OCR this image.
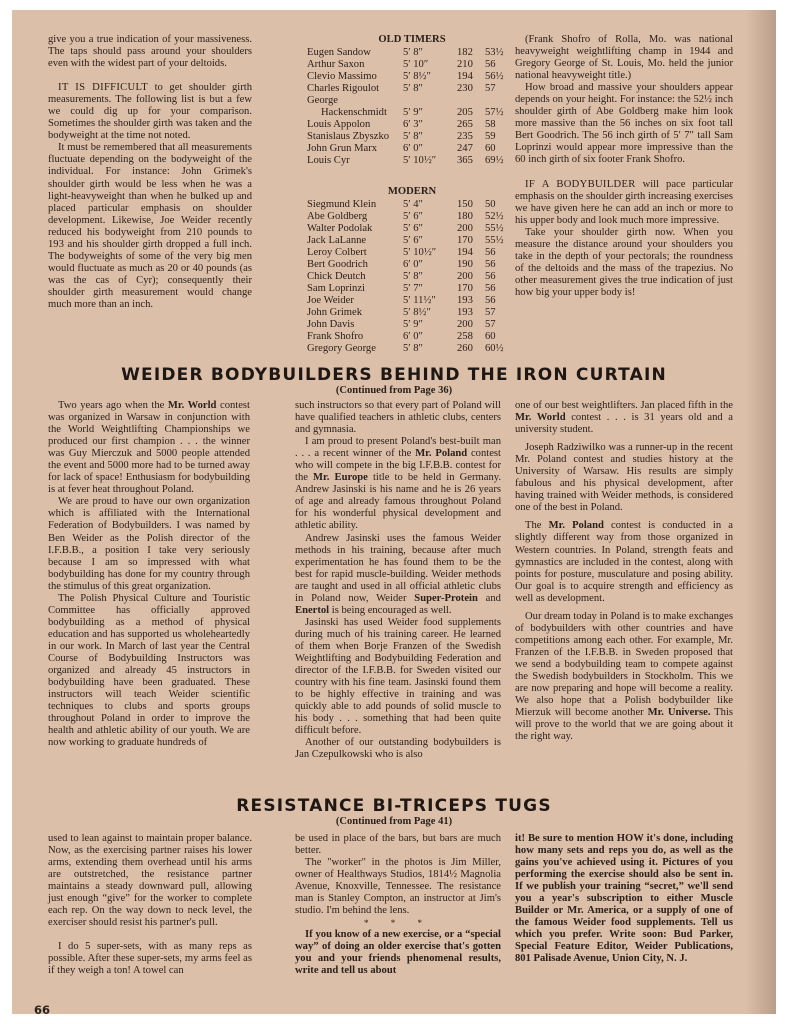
give you a true indication of your massiveness. The taps should pass around your shoulders even with the widest part of your deltoids.

IT IS DIFFICULT to get shoulder girth measurements. The following list is but a few we could dig up for your comparison. Sometimes the shoulder girth was taken and the bodyweight at the time not noted.

It must be remembered that all measurements fluctuate depending on the bodyweight of the individual. For instance: John Grimek's shoulder girth would be less when he was a light-heavyweight than when he bulked up and placed particular emphasis on shoulder development. Likewise, Joe Weider recently reduced his bodyweight from 210 pounds to 193 and his shoulder girth dropped a full inch. The bodyweights of some of the very big men would fluctuate as much as 20 or 40 pounds (as was the cas of Cyr); consequently their shoulder girth measurement would change much more than an inch.

OLD TIMERS
Eugen Sandow	5′ 8″	182	53½
Arthur Saxon	5′ 10″	210	56
Clevio Massimo	5′ 8½″	194	56½
Charles Rigoulot	5′ 8″	230	57
George
Hackenschmidt	5′ 9″	205	57½
Louis Appolon	6′ 3″	265	58
Stanislaus Zbyszko	5′ 8″	235	59
John Grun Marx	6′ 0″	247	60
Louis Cyr	5′ 10½″	365	69½
MODERN
Siegmund Klein	5′ 4″	150	50
Abe Goldberg	5′ 6″	180	52½
Walter Podolak	5′ 6″	200	55½
Jack LaLanne	5′ 6″	170	55½
Leroy Colbert	5′ 10½″	194	56
Bert Goodrich	6′ 0″	190	56
Chick Deutch	5′ 8″	200	56
Sam Loprinzi	5′ 7″	170	56
Joe Weider	5′ 11½″	193	56
John Grimek	5′ 8½″	193	57
John Davis	5′ 9″	200	57
Frank Shofro	6′ 0″	258	60
Gregory George	5′ 8″	260	60½

(Frank Shofro of Rolla, Mo. was national heavyweight weightlifting champ in 1944 and Gregory George of St. Louis, Mo. held the junior national heavyweight title.)

How broad and massive your shoulders appear depends on your height. For instance: the 52½ inch shoulder girth of Abe Goldberg make him look more massive than the 56 inches on six foot tall Bert Goodrich. The 56 inch girth of 5′ 7″ tall Sam Loprinzi would appear more impressive than the 60 inch girth of six footer Frank Shofro.

IF A BODYBUILDER will pace particular emphasis on the shoulder girth increasing exercises we have given here he can add an inch or more to his upper body and look much more impressive.

Take your shoulder girth now. When you measure the distance around your shoulders you take in the depth of your pectorals; the roundness of the deltoids and the mass of the trapezius. No other measurement gives the true indication of just how big your upper body is!

WEIDER BODYBUILDERS BEHIND THE IRON CURTAIN
(Continued from Page 36)

Two years ago when the Mr. World contest was organized in Warsaw in conjunction with the World Weightlifting Championships we produced our first champion . . . the winner was Guy Mierczuk and 5000 people attended the event and 5000 more had to be turned away for lack of space! Enthusiasm for bodybuilding is at fever heat throughout Poland.

We are proud to have our own organization which is affiliated with the International Federation of Bodybuilders. I was named by Ben Weider as the Polish director of the I.F.B.B., a position I take very seriously because I am so impressed with what bodybuilding has done for my country through the stimulus of this great organization.

The Polish Physical Culture and Touristic Committee has officially approved bodybuilding as a method of physical education and has supported us wholeheartedly in our work. In March of last year the Central Course of Bodybuilding Instructors was organized and already 45 instructors in bodybuilding have been graduated. These instructors will teach Weider scientific techniques to clubs and sports groups throughout Poland in order to improve the health and athletic ability of our youth. We are now working to graduate hundreds of

such instructors so that every part of Poland will have qualified teachers in athletic clubs, centers and gymnasia.

I am proud to present Poland's best-built man . . . a recent winner of the Mr. Poland contest who will compete in the big I.F.B.B. contest for the Mr. Europe title to be held in Germany. Andrew Jasinski is his name and he is 26 years of age and already famous throughout Poland for his wonderful physical development and athletic ability.

Andrew Jasinski uses the famous Weider methods in his training, because after much experimentation he has found them to be the best for rapid muscle-building. Weider methods are taught and used in all official athletic clubs in Poland now, Weider Super-Protein and Enertol is being encouraged as well.

Jasinski has used Weider food supplements during much of his training career. He learned of them when Borje Franzen of the Swedish Weightlifting and Bodybuilding Federation and director of the I.F.B.B. for Sweden visited our country with his fine team. Jasinski found them to be highly effective in training and was quickly able to add pounds of solid muscle to his body . . . something that had been quite difficult before.

Another of our outstanding bodybuilders is Jan Czepulkowski who is also

one of our best weightlifters. Jan placed fifth in the Mr. World contest . . . is 31 years old and a university student.

Joseph Radziwilko was a runner-up in the recent Mr. Poland contest and studies history at the University of Warsaw. His results are simply fabulous and his physical development, after having trained with Weider methods, is considered one of the best in Poland.

The Mr. Poland contest is conducted in a slightly different way from those organized in Western countries. In Poland, strength feats and gymnastics are included in the contest, along with points for posture, musculature and posing ability. Our goal is to acquire strength and efficiency as well as development.

Our dream today in Poland is to make exchanges of bodybuilders with other countries and have competitions among each other. For example, Mr. Franzen of the I.F.B.B. in Sweden proposed that we send a bodybuilding team to compete against the Swedish bodybuilders in Stockholm. This we are now preparing and hope will become a reality. We also hope that a Polish bodybuilder like Mierzuk will become another Mr. Universe. This will prove to the world that we are going about it the right way.

RESISTANCE BI-TRICEPS TUGS
(Continued from Page 41)

used to lean against to maintain proper balance. Now, as the exercising partner raises his lower arms, extending them overhead until his arms are outstretched, the resistance partner maintains a steady downward pull, allowing just enough “give” for the worker to complete each rep. On the way down to neck level, the exerciser should resist his partner's pull.

I do 5 super-sets, with as many reps as possible. After these super-sets, my arms feel as if they weigh a ton! A towel can

be used in place of the bars, but bars are much better.

The "worker" in the photos is Jim Miller, owner of Healthways Studios, 1814½ Magnolia Avenue, Knoxville, Tennessee. The resistance man is Stanley Compton, an instructor at Jim's studio. I'm behind the lens.

* * *

If you know of a new exercise, or a “special way” of doing an older exercise that's gotten you and your friends phenomenal results, write and tell us about

it! Be sure to mention HOW it's done, including how many sets and reps you do, as well as the gains you've achieved using it. Pictures of you performing the exercise should also be sent in. If we publish your training “secret,” we'll send you a year's subscription to either Muscle Builder or Mr. America, or a supply of one of the famous Weider food supplements. Tell us which you prefer. Write soon: Bud Parker, Special Feature Editor, Weider Publications, 801 Palisade Avenue, Union City, N. J.

66
